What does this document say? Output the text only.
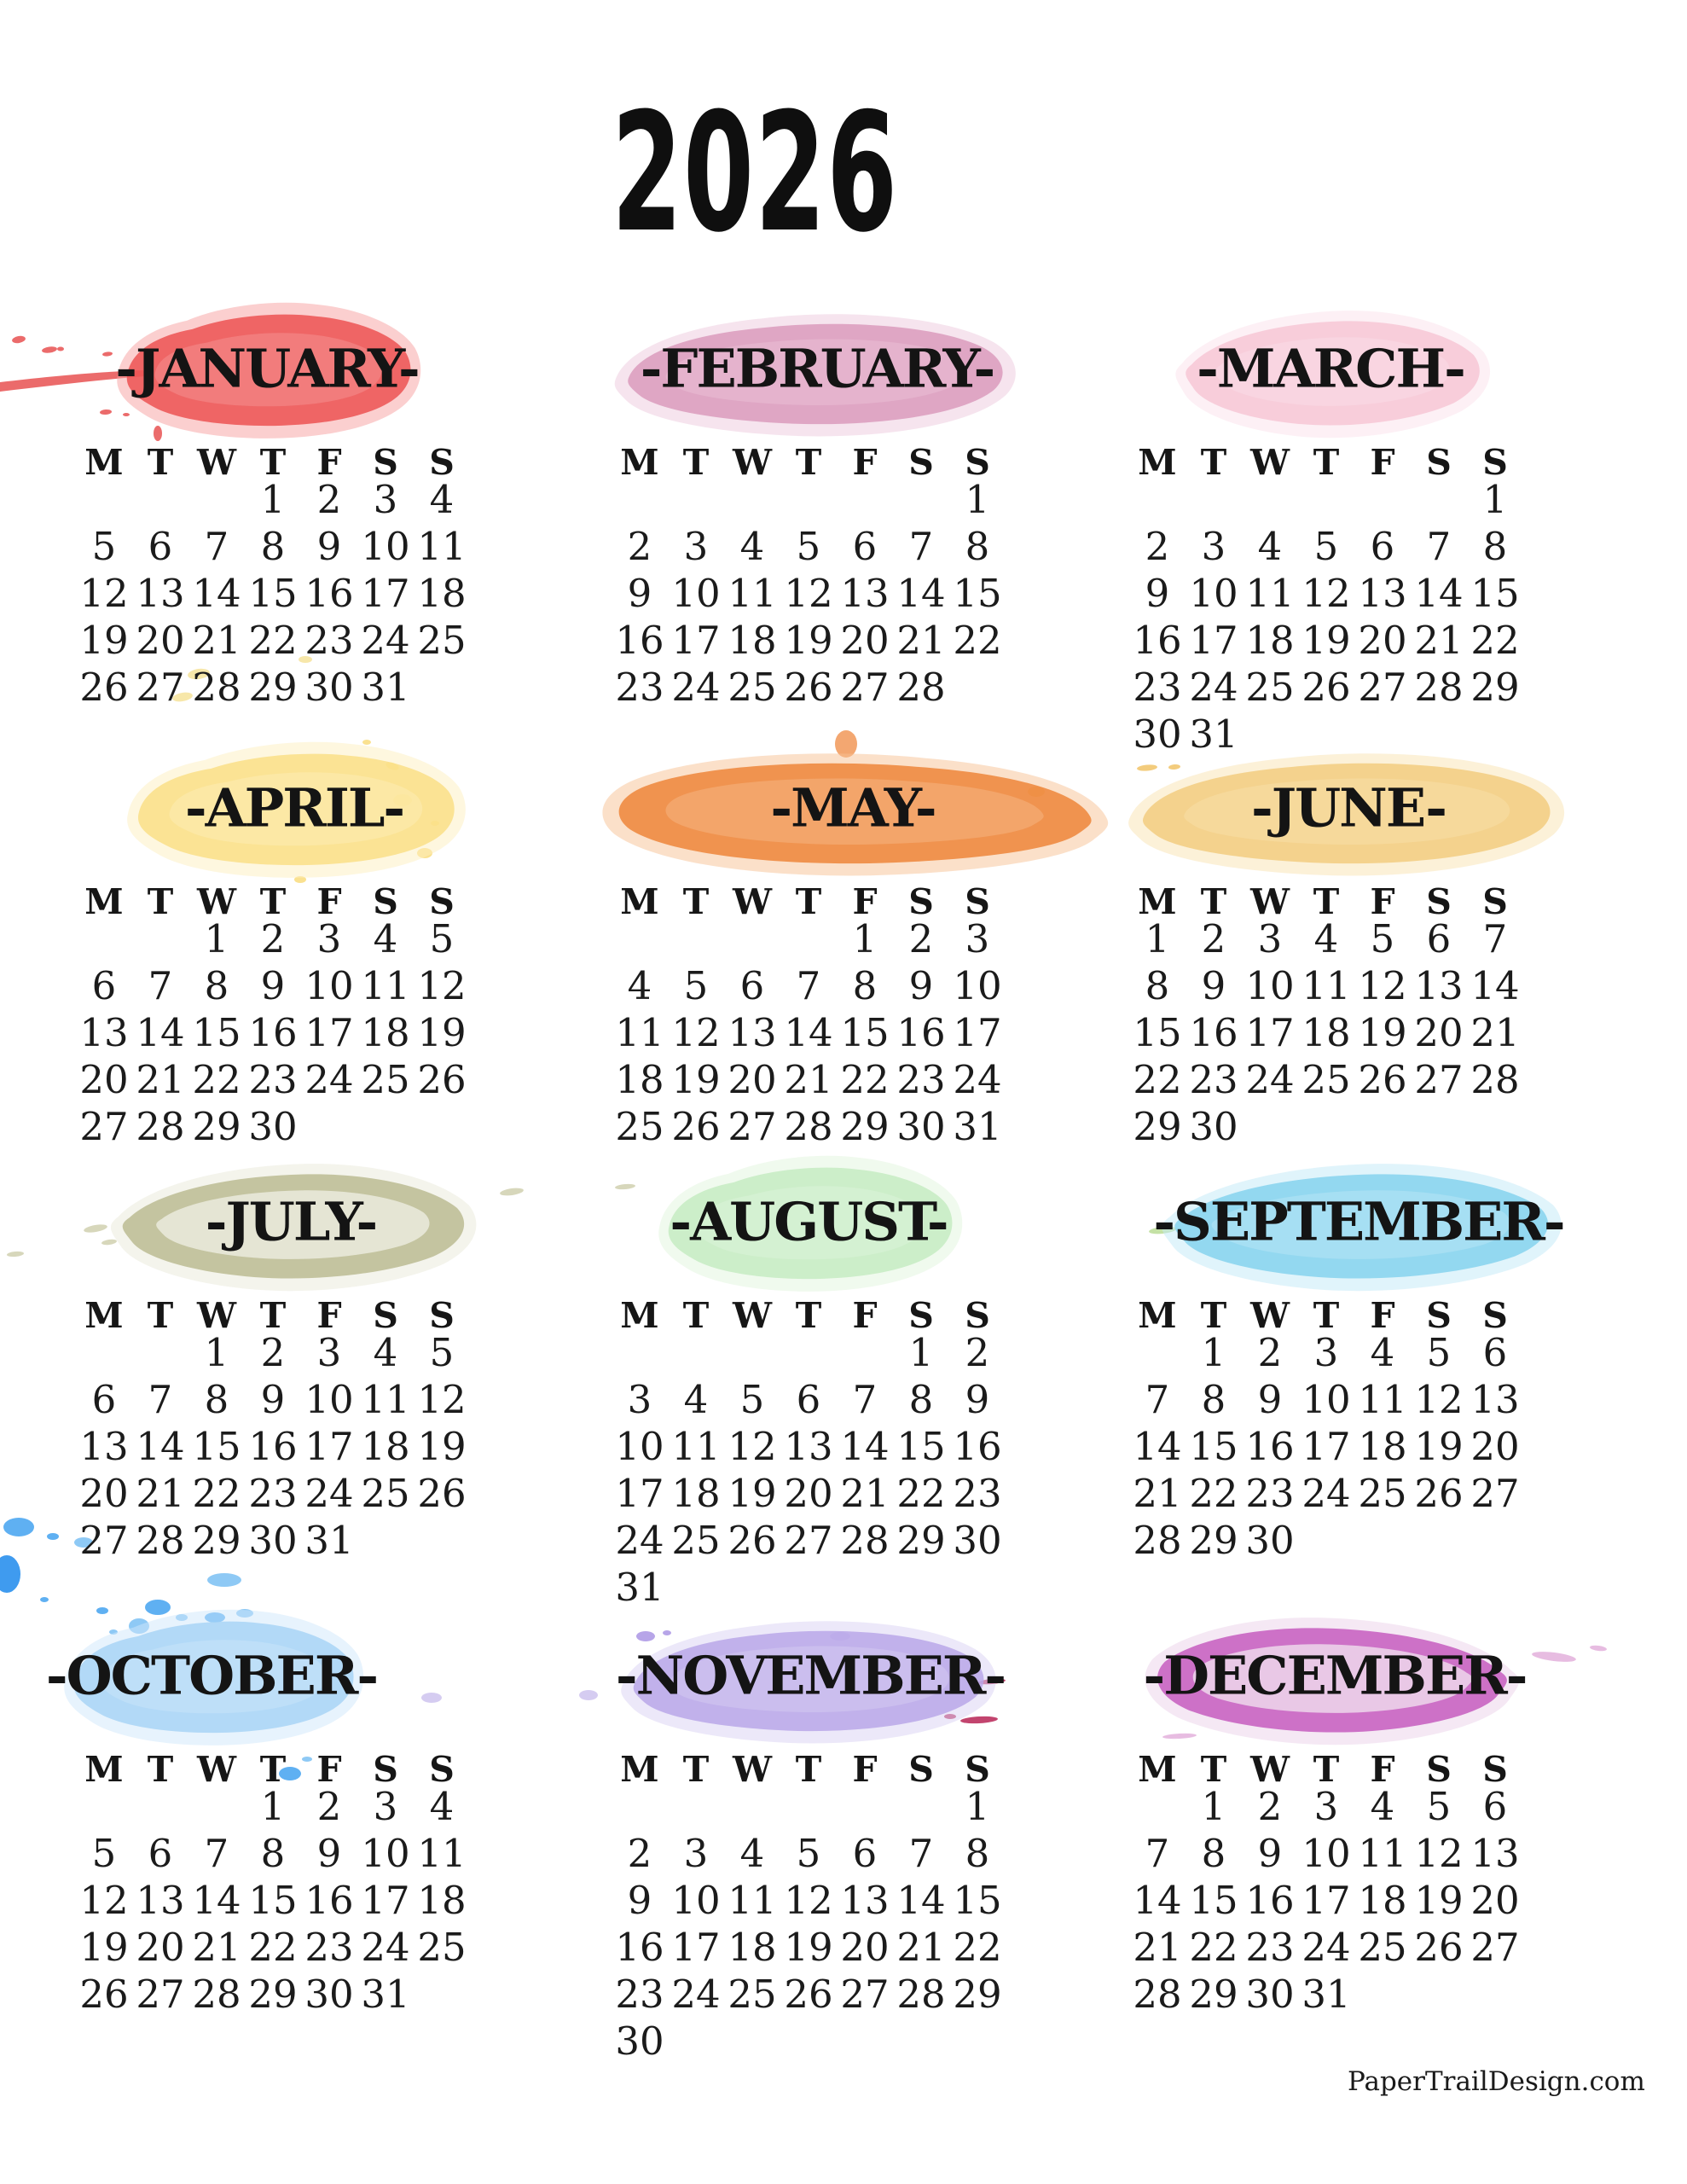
2026
-JANUARY-
M T W T F S S
1 2 3 4
5 6 7 8 9 10 11
12 13 14 15 16 17 18
19 20 21 22 23 24 25
26 27 28 29 30 31
-FEBRUARY-
M T W T F S S
1
2 3 4 5 6 7 8
9 10 11 12 13 14 15
16 17 18 19 20 21 22
23 24 25 26 27 28
-MARCH-
M T W T F S S
1
2 3 4 5 6 7 8
9 10 11 12 13 14 15
16 17 18 19 20 21 22
23 24 25 26 27 28 29
30 31
-APRIL-
M T W T F S S
1 2 3 4 5
6 7 8 9 10 11 12
13 14 15 16 17 18 19
20 21 22 23 24 25 26
27 28 29 30
-MAY-
M T W T F S S
1 2 3
4 5 6 7 8 9 10
11 12 13 14 15 16 17
18 19 20 21 22 23 24
25 26 27 28 29 30 31
-JUNE-
M T W T F S S
1 2 3 4 5 6 7
8 9 10 11 12 13 14
15 16 17 18 19 20 21
22 23 24 25 26 27 28
29 30
-JULY-
M T W T F S S
1 2 3 4 5
6 7 8 9 10 11 12
13 14 15 16 17 18 19
20 21 22 23 24 25 26
27 28 29 30 31
-AUGUST-
M T W T F S S
1 2
3 4 5 6 7 8 9
10 11 12 13 14 15 16
17 18 19 20 21 22 23
24 25 26 27 28 29 30
31
-SEPTEMBER-
M T W T F S S
1 2 3 4 5 6
7 8 9 10 11 12 13
14 15 16 17 18 19 20
21 22 23 24 25 26 27
28 29 30
-OCTOBER-
M T W T F S S
1 2 3 4
5 6 7 8 9 10 11
12 13 14 15 16 17 18
19 20 21 22 23 24 25
26 27 28 29 30 31
-NOVEMBER-
M T W T F S S
1
2 3 4 5 6 7 8
9 10 11 12 13 14 15
16 17 18 19 20 21 22
23 24 25 26 27 28 29
30
-DECEMBER-
M T W T F S S
1 2 3 4 5 6
7 8 9 10 11 12 13
14 15 16 17 18 19 20
21 22 23 24 25 26 27
28 29 30 31
PaperTrailDesign.com
